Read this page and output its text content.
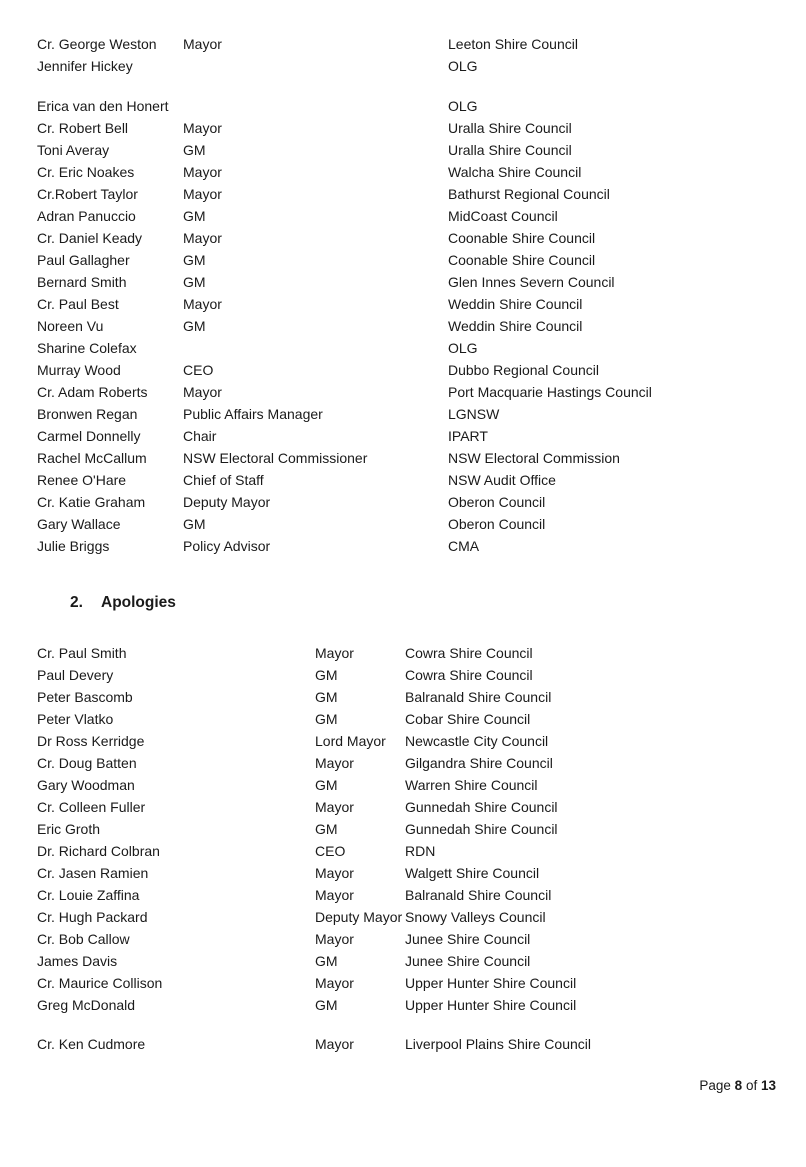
Cr. George Weston	Mayor	Leeton Shire Council
Jennifer Hickey		OLG
Erica van den Honert		OLG
Cr. Robert Bell	Mayor	Uralla Shire Council
Toni Averay	GM	Uralla Shire Council
Cr. Eric Noakes	Mayor	Walcha Shire Council
Cr.Robert Taylor	Mayor	Bathurst Regional Council
Adran Panuccio	GM	MidCoast Council
Cr. Daniel Keady	Mayor	Coonable Shire Council
Paul Gallagher	GM	Coonable Shire Council
Bernard Smith	GM	Glen Innes Severn Council
Cr. Paul Best	Mayor	Weddin Shire Council
Noreen Vu	GM	Weddin Shire Council
Sharine Colefax		OLG
Murray Wood	CEO	Dubbo Regional Council
Cr. Adam Roberts	Mayor	Port Macquarie Hastings Council
Bronwen Regan	Public Affairs Manager	LGNSW
Carmel Donnelly	Chair	IPART
Rachel McCallum	NSW Electoral Commissioner	NSW Electoral Commission
Renee O'Hare	Chief of Staff	NSW Audit Office
Cr. Katie Graham	Deputy Mayor	Oberon Council
Gary Wallace	GM	Oberon Council
Julie Briggs	Policy Advisor	CMA
2. Apologies
Cr. Paul Smith	Mayor	Cowra Shire Council
Paul Devery	GM	Cowra Shire Council
Peter Bascomb	GM	Balranald Shire Council
Peter Vlatko	GM	Cobar Shire Council
Dr Ross Kerridge	Lord Mayor	Newcastle City Council
Cr. Doug Batten	Mayor	Gilgandra Shire Council
Gary Woodman	GM	Warren Shire Council
Cr. Colleen Fuller	Mayor	Gunnedah Shire Council
Eric Groth	GM	Gunnedah Shire Council
Dr. Richard Colbran	CEO	RDN
Cr. Jasen Ramien	Mayor	Walgett Shire Council
Cr. Louie Zaffina	Mayor	Balranald Shire Council
Cr. Hugh Packard	Deputy Mayor	Snowy Valleys Council
Cr. Bob Callow	Mayor	Junee Shire Council
James Davis	GM	Junee Shire Council
Cr. Maurice Collison	Mayor	Upper Hunter Shire Council
Greg McDonald	GM	Upper Hunter Shire Council
Cr. Ken Cudmore	Mayor	Liverpool Plains Shire Council
Page 8 of 13
